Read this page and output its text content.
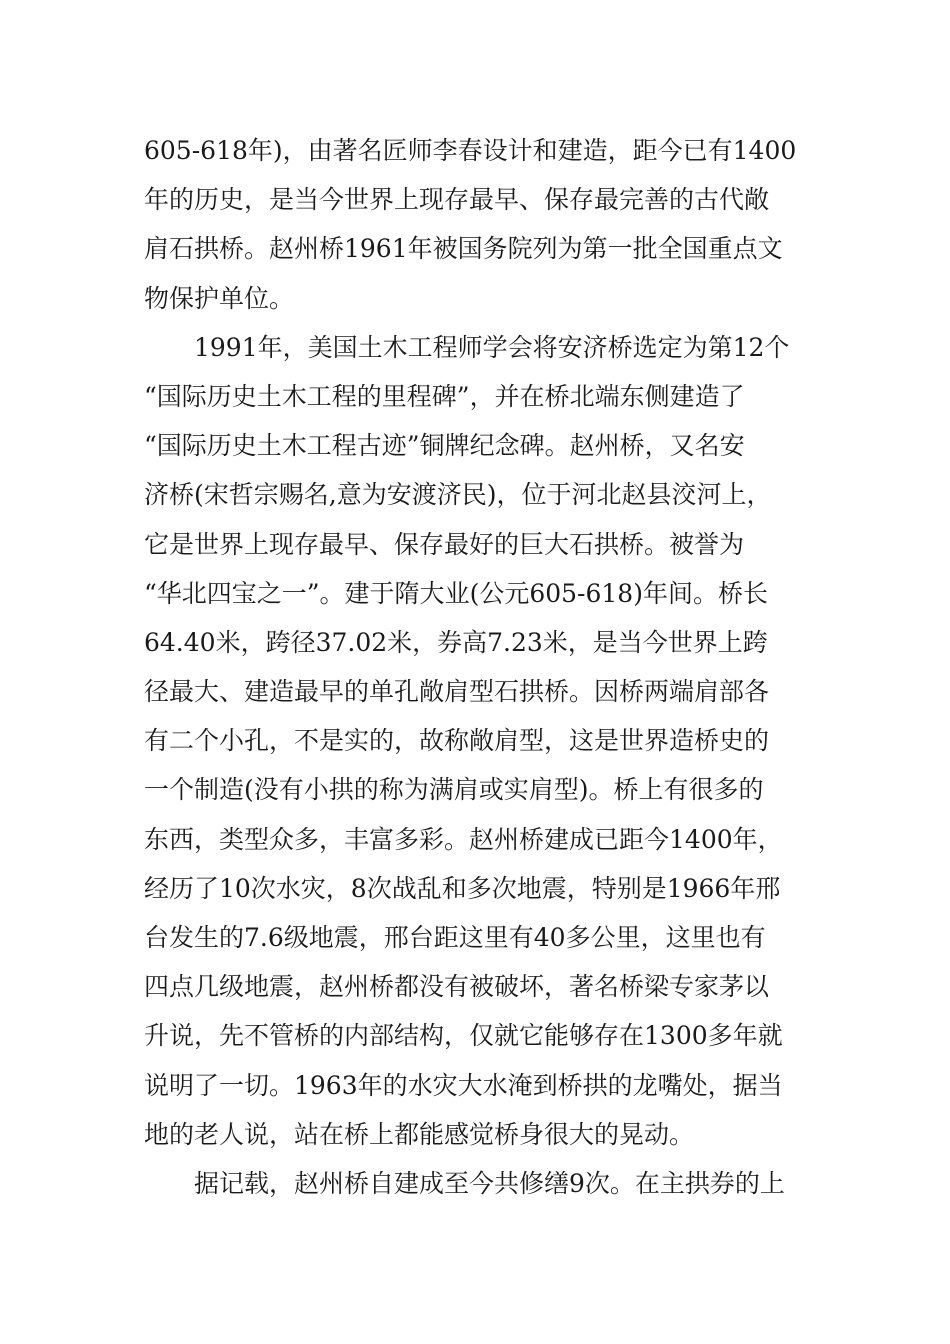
605-618年)，由著名匠师李春设计和建造，距今已有1400
年的历史，是当今世界上现存最早、保存最完善的古代敞
肩石拱桥。赵州桥1961年被国务院列为第一批全国重点文
物保护单位。
1991年，美国土木工程师学会将安济桥选定为第12个
“国际历史土木工程的里程碑”，并在桥北端东侧建造了
“国际历史土木工程古迹”铜牌纪念碑。赵州桥，又名安
济桥(宋哲宗赐名,意为安渡济民)，位于河北赵县洨河上，
它是世界上现存最早、保存最好的巨大石拱桥。被誉为
“华北四宝之一”。建于隋大业(公元605-618)年间。桥长
64.40米，跨径37.02米，券高7.23米，是当今世界上跨
径最大、建造最早的单孔敞肩型石拱桥。因桥两端肩部各
有二个小孔，不是实的，故称敞肩型，这是世界造桥史的
一个制造(没有小拱的称为满肩或实肩型)。桥上有很多的
东西，类型众多，丰富多彩。赵州桥建成已距今1400年，
经历了10次水灾，8次战乱和多次地震，特别是1966年邢
台发生的7.6级地震，邢台距这里有40多公里，这里也有
四点几级地震，赵州桥都没有被破坏，著名桥梁专家茅以
升说，先不管桥的内部结构，仅就它能够存在1300多年就
说明了一切。1963年的水灾大水淹到桥拱的龙嘴处，据当
地的老人说，站在桥上都能感觉桥身很大的晃动。
据记载，赵州桥自建成至今共修缮9次。在主拱券的上
